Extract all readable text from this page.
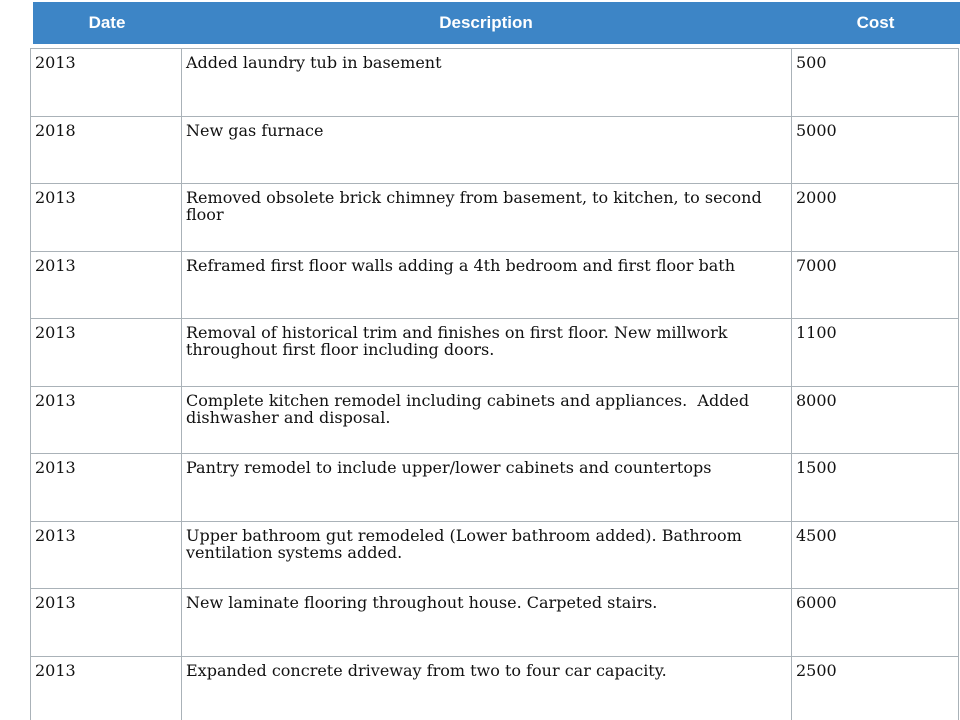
Date	Description	Cost
2013	Added laundry tub in basement	500
2018	New gas furnace	5000
2013	Removed obsolete brick chimney from basement, to kitchen, to second floor	2000
2013	Reframed first floor walls adding a 4th bedroom and first floor bath	7000
2013	Removal of historical trim and finishes on first floor. New millwork throughout first floor including doors.	1100
2013	Complete kitchen remodel including cabinets and appliances.  Added dishwasher and disposal.	8000
2013	Pantry remodel to include upper/lower cabinets and countertops	1500
2013	Upper bathroom gut remodeled (Lower bathroom added). Bathroom ventilation systems added.	4500
2013	New laminate flooring throughout house. Carpeted stairs.	6000
2013	Expanded concrete driveway from two to four car capacity.	2500
